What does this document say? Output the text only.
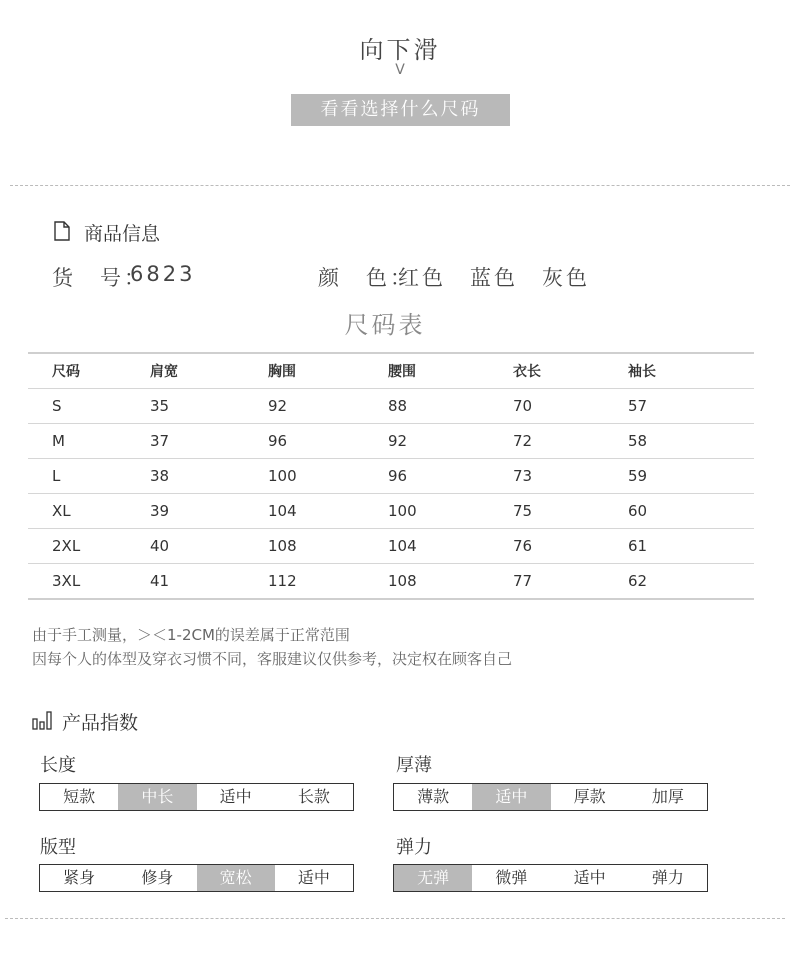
向下滑
V
看看选择什么尺码
商品信息
货　号：
6823	颜　色：
红色　蓝色　灰色
尺码表
尺码	肩宽	胸围	腰围	衣长	袖长
S	35	92	88	70	57
M	37	96	92	72	58
L	38	100	96	73	59
XL	39	104	100	75	60
2XL	40	108	104	76	61
3XL	41	112	108	77	62
由于手工测量，＞＜1-2CM的误差属于正常范围
因每个人的体型及穿衣习惯不同，客服建议仅供参考，决定权在顾客自己
产品指数
长度
短款	中长	适中	长款
厚薄
薄款	适中	厚款	加厚
版型
紧身	修身	宽松	适中
弹力
无弹	微弹	适中	弹力
